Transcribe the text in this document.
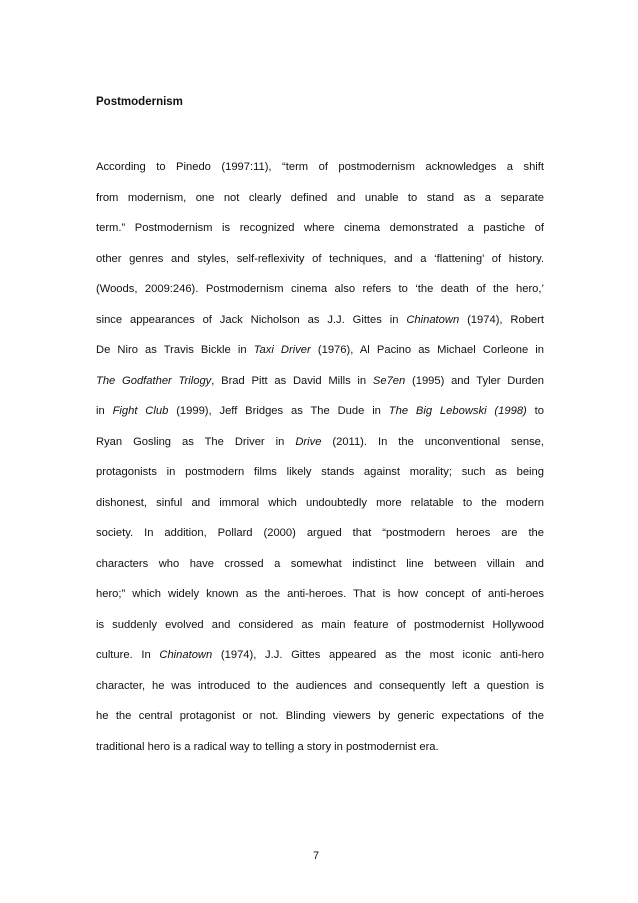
Postmodernism
According to Pinedo (1997:11), “term of postmodernism acknowledges a shift
from modernism, one not clearly defined and unable to stand as a separate
term.” Postmodernism is recognized where cinema demonstrated a pastiche of
other genres and styles, self-reflexivity of techniques, and a ‘flattening’ of history.
(Woods, 2009:246). Postmodernism cinema also refers to ‘the death of the hero,’
since appearances of Jack Nicholson as J.J. Gittes in Chinatown (1974), Robert
De Niro as Travis Bickle in Taxi Driver (1976), Al Pacino as Michael Corleone in
The Godfather Trilogy, Brad Pitt as David Mills in Se7en (1995) and Tyler Durden
in Fight Club (1999), Jeff Bridges as The Dude in The Big Lebowski (1998) to
Ryan Gosling as The Driver in Drive (2011). In the unconventional sense,
protagonists in postmodern films likely stands against morality; such as being
dishonest, sinful and immoral which undoubtedly more relatable to the modern
society. In addition, Pollard (2000) argued that “postmodern heroes are the
characters who have crossed a somewhat indistinct line between villain and
hero;” which widely known as the anti-heroes. That is how concept of anti-heroes
is suddenly evolved and considered as main feature of postmodernist Hollywood
culture. In Chinatown (1974), J.J. Gittes appeared as the most iconic anti-hero
character, he was introduced to the audiences and consequently left a question is
he the central protagonist or not. Blinding viewers by generic expectations of the
traditional hero is a radical way to telling a story in postmodernist era.
7
